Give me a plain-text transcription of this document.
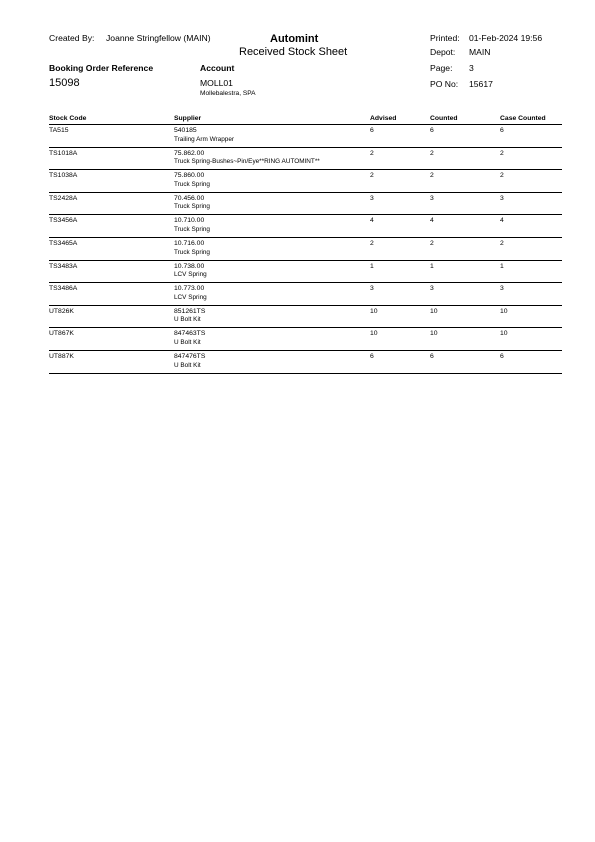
Created By: Joanne Stringfellow (MAIN)	Automint
Received Stock Sheet
Printed: 01-Feb-2024 19:56
Depot: MAIN
Page: 3
PO No: 15617
Booking Order Reference
15098
Account
MOLL01
Mollebalestra, SPA
Stock Code	Supplier	Advised	Counted	Case Counted
TA515	540185	6	6	6
Trailing Arm Wrapper
TS1018A	75.862.00	2	2	2
Truck Spring-Bushes~Pin/Eye**RING AUTOMINT**
TS1038A	75.860.00	2	2	2
Truck Spring
TS2428A	70.456.00	3	3	3
Truck Spring
TS3456A	10.710.00	4	4	4
Truck Spring
TS3465A	10.716.00	2	2	2
Truck Spring
TS3483A	10.738.00	1	1	1
LCV Spring
TS3486A	10.773.00	3	3	3
LCV Spring
UT826K	851261TS	10	10	10
U Bolt Kit
UT867K	847463TS	10	10	10
U Bolt Kit
UT887K	847476TS	6	6	6
U Bolt Kit
